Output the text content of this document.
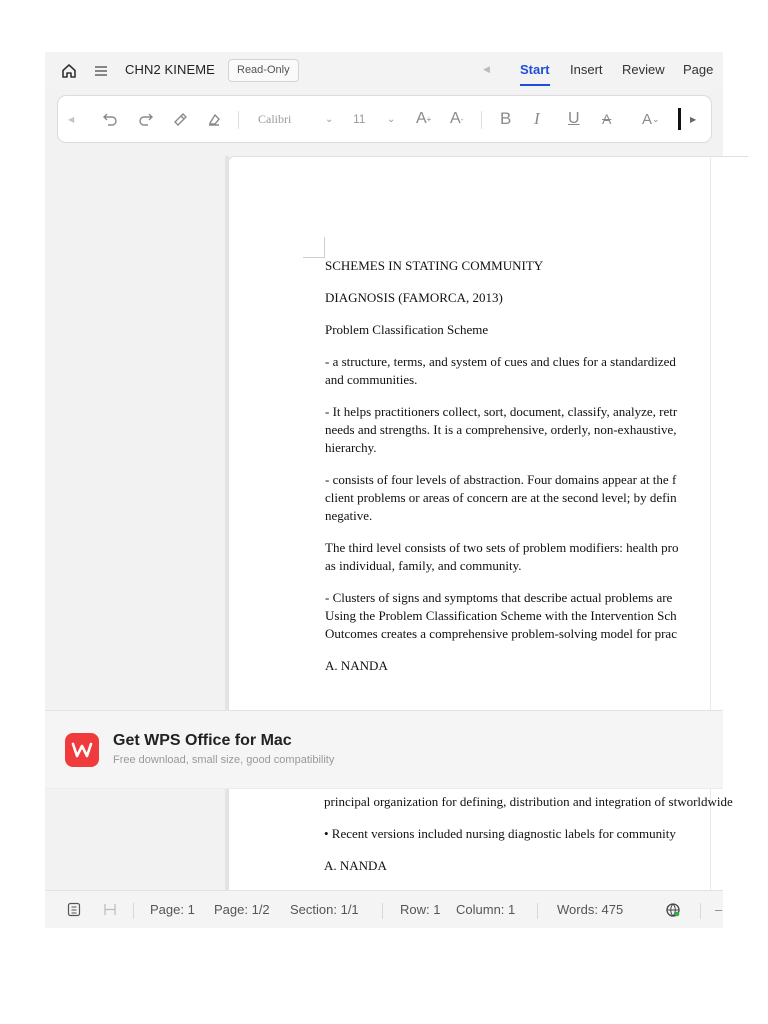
CHN2 KINEME	Read-Only	◀ Start Insert Review Page
◀	Calibri	⌄ 11 ⌄ A + A - B I U A A ⌄	▶

SCHEMES IN STATING COMMUNITY

DIAGNOSIS (FAMORCA, 2013)

Problem Classification Scheme

- a structure, terms, and system of cues and clues for a standardized
and communities.

- It helps practitioners collect, sort, document, classify, analyze, retr
needs and strengths. It is a comprehensive, orderly, non-exhaustive,
hierarchy.

- consists of four levels of abstraction. Four domains appear at the f
client problems or areas of concern are at the second level; by defin
negative.

The third level consists of two sets of problem modifiers: health pro
as individual, family, and community.

- Clusters of signs and symptoms that describe actual problems are
Using the Problem Classification Scheme with the Intervention Sch
Outcomes creates a comprehensive problem-solving model for prac

A. NANDA

principal organization for defining, distribution and integration of stworldwide

• Recent versions included nursing diagnostic labels for community

A. NANDA

Get WPS Office for Mac
Free download, small size, good compatibility
Page: 1 Page: 1/2 Section: 1/1	Row: 1 Column: 1	Words: 475	–
